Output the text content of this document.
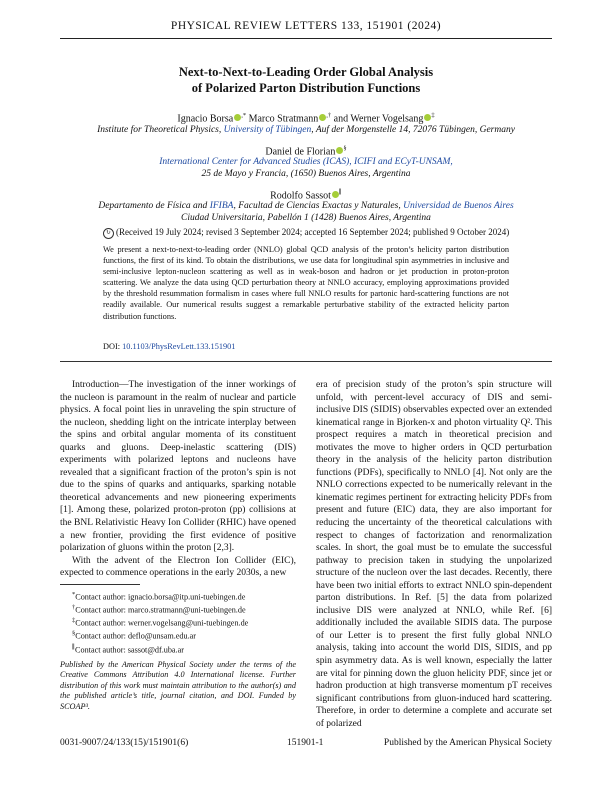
PHYSICAL REVIEW LETTERS 133, 151901 (2024)
Next-to-Next-to-Leading Order Global Analysis
of Polarized Parton Distribution Functions
Ignacio Borsa ,* Marco Stratmann ,† and Werner Vogelsang ‡
Institute for Theoretical Physics, University of Tübingen, Auf der Morgenstelle 14, 72076 Tübingen, Germany
Daniel de Florian §
International Center for Advanced Studies (ICAS), ICIFI and ECyT-UNSAM,
25 de Mayo y Francia, (1650) Buenos Aires, Argentina
Rodolfo Sassot ∥
Departamento de Física and IFIBA, Facultad de Ciencias Exactas y Naturales, Universidad de Buenos Aires
Ciudad Universitaria, Pabellón 1 (1428) Buenos Aires, Argentina
↻ (Received 19 July 2024; revised 3 September 2024; accepted 16 September 2024; published 9 October 2024)
We present a next-to-next-to-leading order (NNLO) global QCD analysis of the proton’s helicity parton distribution functions, the first of its kind. To obtain the distributions, we use data for longitudinal spin asymmetries in inclusive and semi-inclusive lepton-nucleon scattering as well as in weak-boson and hadron or jet production in proton-proton scattering. We analyze the data using QCD perturbation theory at NNLO accuracy, employing approximations provided by the threshold resummation formalism in cases where full NNLO results for partonic hard-scattering functions are not readily available. Our numerical results suggest a remarkable perturbative stability of the extracted helicity parton distribution functions.
DOI: 10.1103/PhysRevLett.133.151901

Introduction—The investigation of the inner workings of the nucleon is paramount in the realm of nuclear and particle physics. A focal point lies in unraveling the spin structure of the nucleon, shedding light on the intricate interplay between the spins and orbital angular momenta of its constituent quarks and gluons. Deep-inelastic scattering (DIS) experiments with polarized leptons and nucleons have revealed that a significant fraction of the proton’s spin is not due to the spins of quarks and antiquarks, sparking notable theoretical advancements and new pioneering experiments [1]. Among these, polarized proton-proton (pp) collisions at the BNL Relativistic Heavy Ion Collider (RHIC) have opened a new frontier, providing the first evidence of positive polarization of gluons within the proton [2,3].

With the advent of the Electron Ion Collider (EIC), expected to commence operations in the early 2030s, a new

*Contact author: ignacio.borsa@itp.uni-tuebingen.de
†Contact author: marco.stratmann@uni-tuebingen.de
‡Contact author: werner.vogelsang@uni-tuebingen.de
§Contact author: deflo@unsam.edu.ar
∥Contact author: sassot@df.uba.ar
Published by the American Physical Society under the terms of the Creative Commons Attribution 4.0 International license. Further distribution of this work must maintain attribution to the author(s) and the published article’s title, journal citation, and DOI. Funded by SCOAP³.

era of precision study of the proton’s spin structure will unfold, with percent-level accuracy of DIS and semi-inclusive DIS (SIDIS) observables expected over an extended kinematical range in Bjorken-x and photon virtuality Q². This prospect requires a match in theoretical precision and motivates the move to higher orders in QCD perturbation theory in the analysis of the helicity parton distribution functions (PDFs), specifically to NNLO [4]. Not only are the NNLO corrections expected to be numerically relevant in the kinematic regimes pertinent for extracting helicity PDFs from present and future (EIC) data, they are also important for reducing the uncertainty of the theoretical calculations with respect to changes of factorization and renormalization scales. In short, the goal must be to emulate the successful pathway to precision taken in studying the unpolarized structure of the nucleon over the last decades. Recently, there have been two initial efforts to extract NNLO spin-dependent parton distributions. In Ref. [5] the data from polarized inclusive DIS were analyzed at NNLO, while Ref. [6] additionally included the available SIDIS data. The purpose of our Letter is to present the first fully global NNLO analysis, taking into account the world DIS, SIDIS, and pp spin asymmetry data. As is well known, especially the latter are vital for pinning down the gluon helicity PDF, since jet or hadron production at high transverse momentum pT receives significant contributions from gluon-induced hard scattering. Therefore, in order to determine a complete and accurate set of polarized

0031-9007/24/133(15)/151901(6)	151901-1	Published by the American Physical Society
